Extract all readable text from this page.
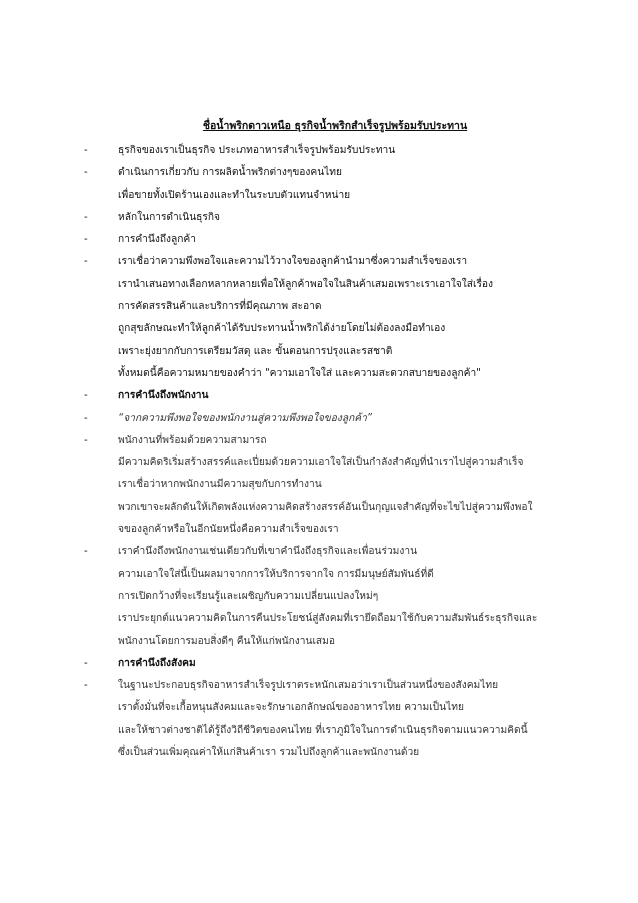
ชื่อน้ำพริกดาวเหนือ ธุรกิจน้ำพริกสำเร็จรูปพร้อมรับประทาน
-	ธุรกิจของเราเป็นธุรกิจ ประเภทอาหารสำเร็จรูปพร้อมรับประทาน
-	ดำเนินการเกี่ยวกับ การผลิตน้ำพริกต่างๆของคนไทย
เพื่อขายทั้งเปิดร้านเองและทำในระบบตัวแทนจำหน่าย
-	หลักในการดำเนินธุรกิจ
-	การคำนึงถึงลูกค้า
-	เราเชื่อว่าความพึงพอใจและความไว้วางใจของลูกค้านำมาซึ่งความสำเร็จของเรา
เรานำเสนอทางเลือกหลากหลายเพื่อให้ลูกค้าพอใจในสินค้าเสมอเพราะเราเอาใจใส่เรื่อง
การคัดสรรสินค้าและบริการที่มีคุณภาพ สะอาด
ถูกสุขลักษณะทำให้ลูกค้าได้รับประทานน้ำพริกได้ง่ายโดยไม่ต้องลงมือทำเอง
เพราะยุ่งยากกับการเตรียมวัสดุ และ ขั้นตอนการปรุงและรสชาติ
ทั้งหมดนี้คือความหมายของคำว่า "ความเอาใจใส่ และความสะดวกสบายของลูกค้า"
-	การคำนึงถึงพนักงาน
-	“จากความพึงพอใจของพนักงานสู่ความพึงพอใจของลูกค้า”
-	พนักงานที่พร้อมด้วยความสามารถ
มีความคิดริเริ่มสร้างสรรค์และเปี่ยมด้วยความเอาใจใส่เป็นกำลังสำคัญที่นำเราไปสู่ความสำเร็จ
เราเชื่อว่าหากพนักงานมีความสุขกับการทำงาน
พวกเขาจะผลักดันให้เกิดพลังแห่งความคิดสร้างสรรค์อันเป็นกุญแจสำคัญที่จะไขไปสู่ความพึงพอใ
จของลูกค้าหรือในอีกนัยหนึ่งคือความสำเร็จของเรา
-	เราคำนึงถึงพนักงานเช่นเดียวกับที่เขาคำนึงถึงธุรกิจและเพื่อนร่วมงาน
ความเอาใจใส่นี้เป็นผลมาจากการให้บริการจากใจ การมีมนุษย์สัมพันธ์ที่ดี
การเปิดกว้างที่จะเรียนรู้และเผชิญกับความเปลี่ยนแปลงใหม่ๆ
เราประยุกต์แนวความคิดในการคืนประโยชน์สู่สังคมที่เรายึดถือมาใช้กับความสัมพันธ์ระธุรกิจและ
พนักงานโดยการมอบสิ่งดีๆ คืนให้แก่พนักงานเสมอ
-	การคำนึงถึงสังคม
-	ในฐานะประกอบธุรกิจอาหารสำเร็จรูปเราตระหนักเสมอว่าเราเป็นส่วนหนึ่งของสังคมไทย
เราตั้งมั่นที่จะเกื้อหนุนสังคมและจะรักษาเอกลักษณ์ของอาหารไทย ความเป็นไทย
และให้ชาวต่างชาติได้รู้ถึงวิถีชีวิตของคนไทย ที่เราภูมิใจในการดำเนินธุรกิจตามแนวความคิดนี้
ซึ่งเป็นส่วนเพิ่มคุณค่าให้แก่สินค้าเรา รวมไปถึงลูกค้าและพนักงานด้วย
